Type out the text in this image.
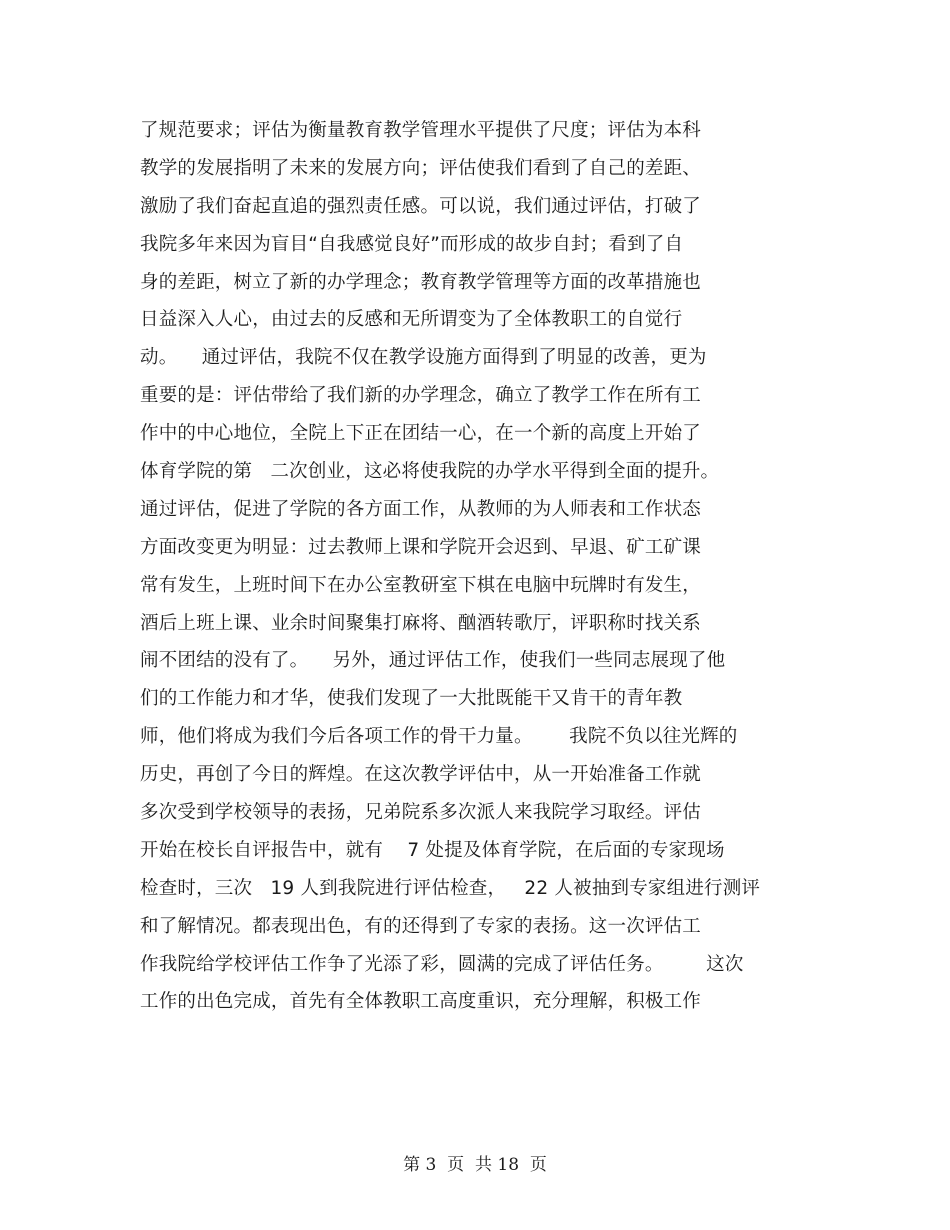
了规范要求；评估为衡量教育教学管理水平提供了尺度；评估为本科
教学的发展指明了未来的发展方向；评估使我们看到了自己的差距、
激励了我们奋起直追的强烈责任感。可以说，我们通过评估，打破了
我院多年来因为盲目“自我感觉良好”而形成的故步自封；看到了自
身的差距，树立了新的办学理念；教育教学管理等方面的改革措施也
日益深入人心，由过去的反感和无所谓变为了全体教职工的自觉行
动。    通过评估，我院不仅在教学设施方面得到了明显的改善，更为
重要的是：评估带给了我们新的办学理念，确立了教学工作在所有工
作中的中心地位，全院上下正在团结一心，在一个新的高度上开始了
体育学院的第   二次创业，这必将使我院的办学水平得到全面的提升。
通过评估，促进了学院的各方面工作，从教师的为人师表和工作状态
方面改变更为明显：过去教师上课和学院开会迟到、早退、矿工矿课
常有发生，上班时间下在办公室教研室下棋在电脑中玩牌时有发生，
酒后上班上课、业余时间聚集打麻将、酗酒转歌厅，评职称时找关系
闹不团结的没有了。    另外，通过评估工作，使我们一些同志展现了他
们的工作能力和才华，使我们发现了一大批既能干又肯干的青年教
师，他们将成为我们今后各项工作的骨干力量。      我院不负以往光辉的
历史，再创了今日的辉煌。在这次教学评估中，从一开始准备工作就
多次受到学校领导的表扬，兄弟院系多次派人来我院学习取经。评估
开始在校长自评报告中，就有    7 处提及体育学院，在后面的专家现场
检查时，三次   19 人到我院进行评估检查，   22 人被抽到专家组进行测评
和了解情况。都表现出色，有的还得到了专家的表扬。这一次评估工
作我院给学校评估工作争了光添了彩，圆满的完成了评估任务。       这次
工作的出色完成，首先有全体教职工高度重识，充分理解，积极工作
第 3  页  共 18  页
